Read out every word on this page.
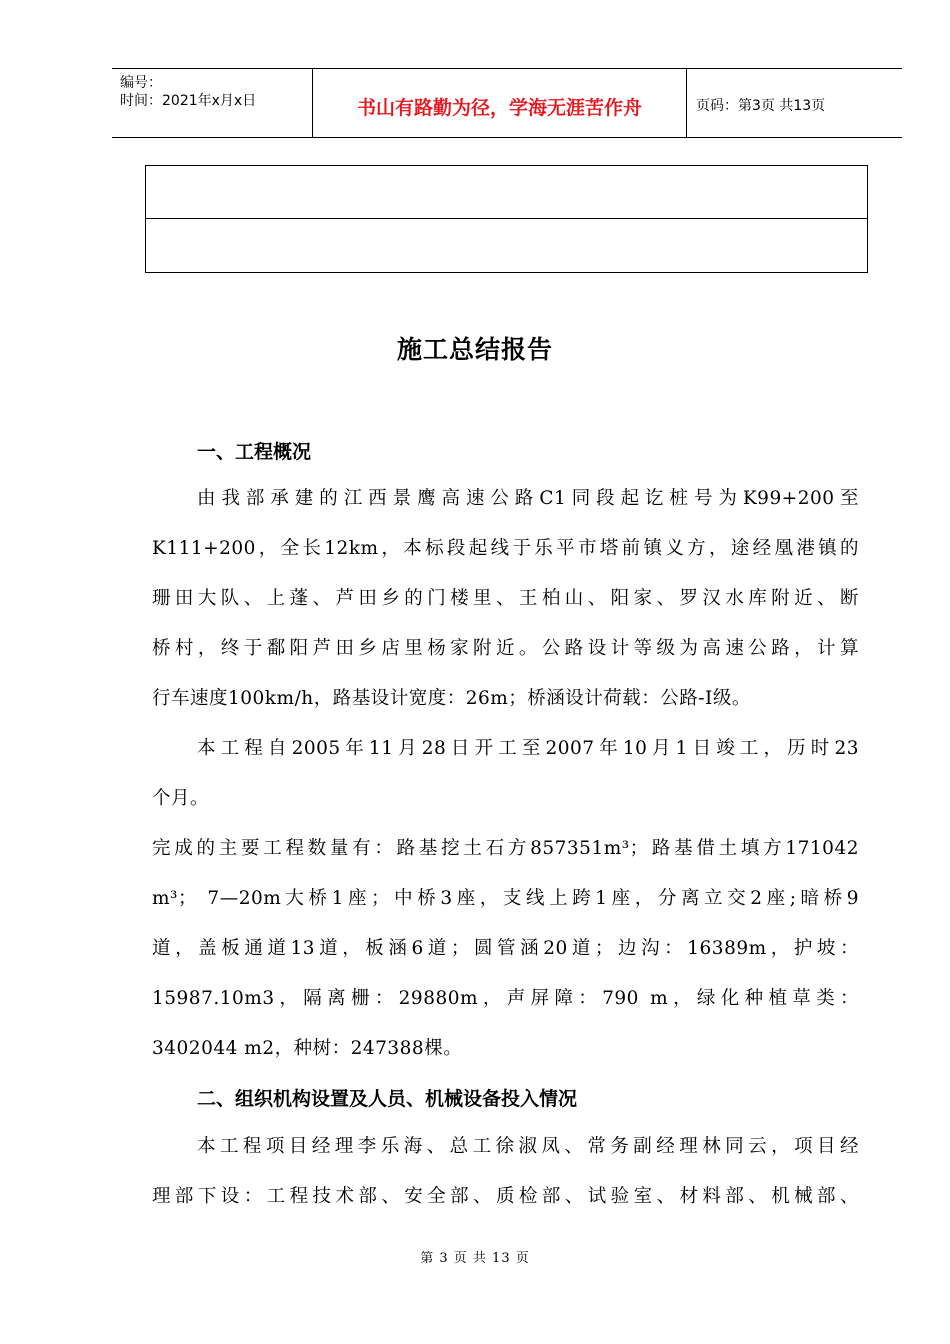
编号：
时间：2021年x月x日	书山有路勤为径，学海无涯苦作舟	页码：第3页 共13页
施工总结报告
一、工程概况
由我部承建的江西景鹰高速公路C1同段起讫桩号为K99+200至
K111+200，全长12km，本标段起线于乐平市塔前镇义方，途经凰港镇的
珊田大队、上蓬、芦田乡的门楼里、王柏山、阳家、罗汉水库附近、断
桥村，终于鄱阳芦田乡店里杨家附近。公路设计等级为高速公路，计算
行车速度100km/h，路基设计宽度：26m；桥涵设计荷载：公路-I级。
本工程自2005年11月28日开工至2007年10月1日竣工，历时23
个月。
完成的主要工程数量有：路基挖土石方857351m³；路基借土填方171042
m³； 7—20m大桥1座；中桥3座，支线上跨1座，分离立交2座;暗桥9
道，盖板通道13道，板涵6道；圆管涵20道；边沟：16389m，护坡：
15987.10m3，隔离栅：29880m，声屏障：790 m，绿化种植草类：
3402044 m2，种树：247388棵。
二、组织机构设置及人员、机械设备投入情况
本工程项目经理李乐海、总工徐淑凤、常务副经理林同云，项目经
理部下设：工程技术部、安全部、质检部、试验室、材料部、机械部、
第 3 页 共 13 页
